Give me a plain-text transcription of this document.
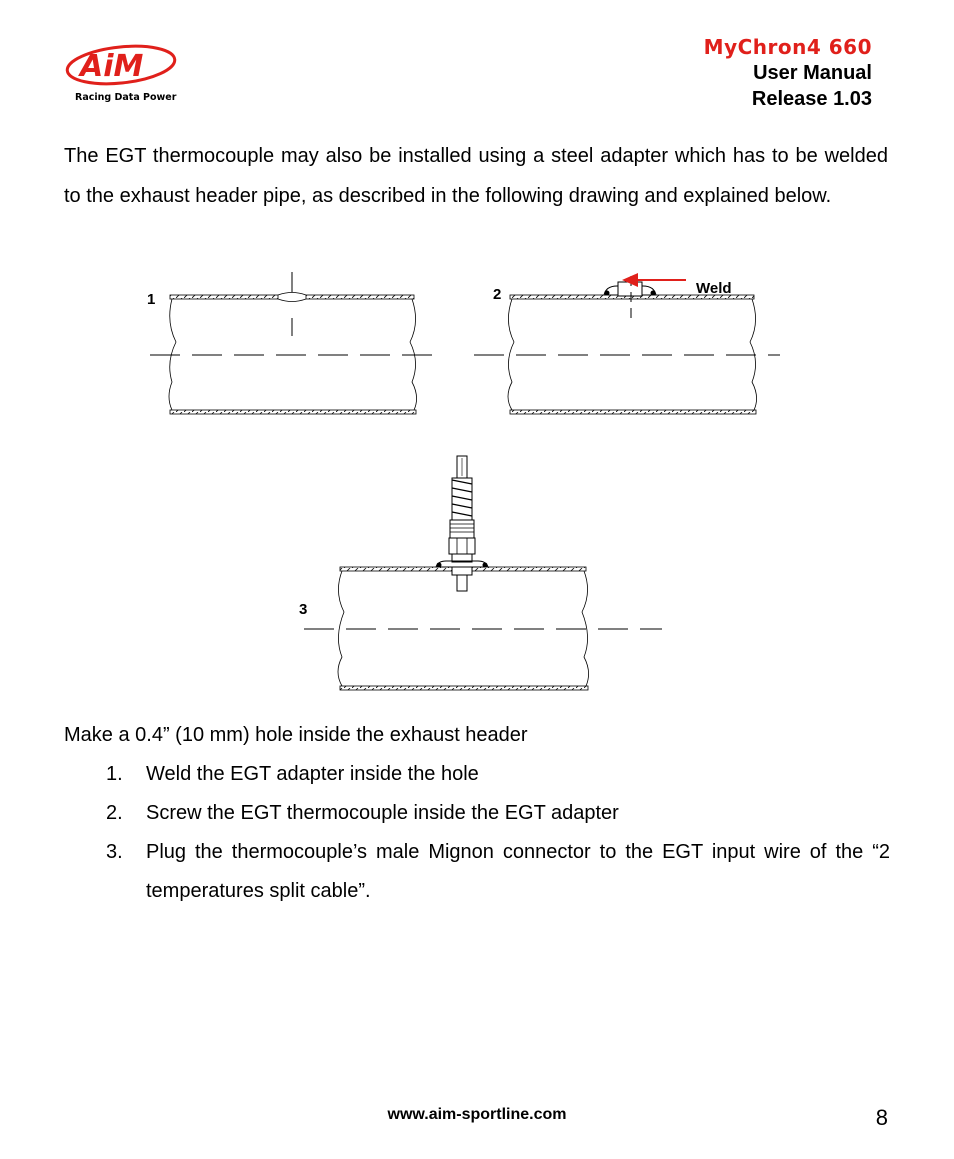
AiM
Racing Data Power
MyChron4 660
User Manual
Release 1.03

The EGT thermocouple may also be installed using a steel adapter which has to be welded to the exhaust header pipe, as described in the following drawing and explained below.

1	2	Weld
3

Make a 0.4” (10 mm) hole inside the exhaust header

1. Weld the EGT adapter inside the hole
2. Screw the EGT thermocouple inside the EGT adapter
3. Plug the thermocouple’s male Mignon connector to the EGT input wire of the “2 temperatures split cable”.
www.aim-sportline.com	8
